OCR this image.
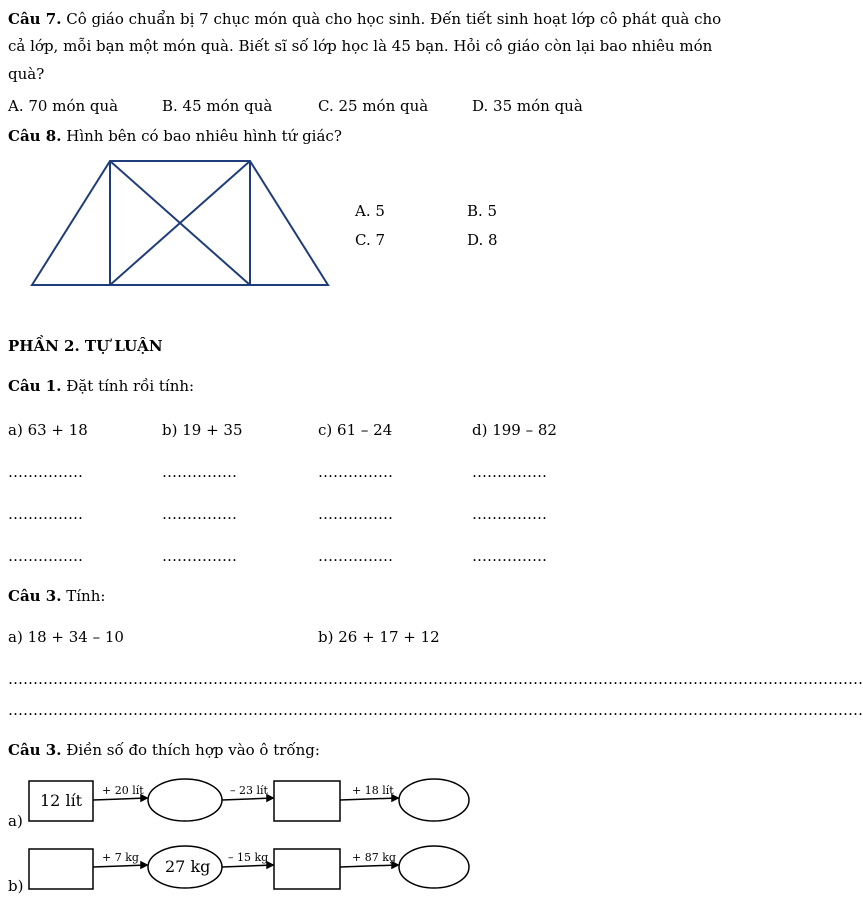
Câu 7. Cô giáo chuẩn bị 7 chục món quà cho học sinh. Đến tiết sinh hoạt lớp cô phát quà cho
cả lớp, mỗi bạn một món quà. Biết sĩ số lớp học là 45 bạn. Hỏi cô giáo còn lại bao nhiêu món
quà?
A. 70 món quà	B. 45 món quà	C. 25 món quà	D. 35 món quà
Câu 8. Hình bên có bao nhiêu hình tứ giác?
A. 5	B. 5
C. 7	D. 8
PHẦN 2. TỰ LUẬN
Câu 1. Đặt tính rồi tính:
a) 63 + 18	b) 19 + 35	c) 61 – 24	d) 199 – 82
……………	……………	……………	……………
……………	……………	……………	……………
……………	……………	……………	……………
Câu 3. Tính:
a) 18 + 34 – 10	b) 26 + 17 + 12
………………………………………………………………………………………………………………………………………………………
………………………………………………………………………………………………………………………………………………………
Câu 3. Điền số đo thích hợp vào ô trống:
a)
12 lít
+ 20 lít	– 23 lít	+ 18 lít
b)
27 kg
+ 7 kg	– 15 kg	+ 87 kg
